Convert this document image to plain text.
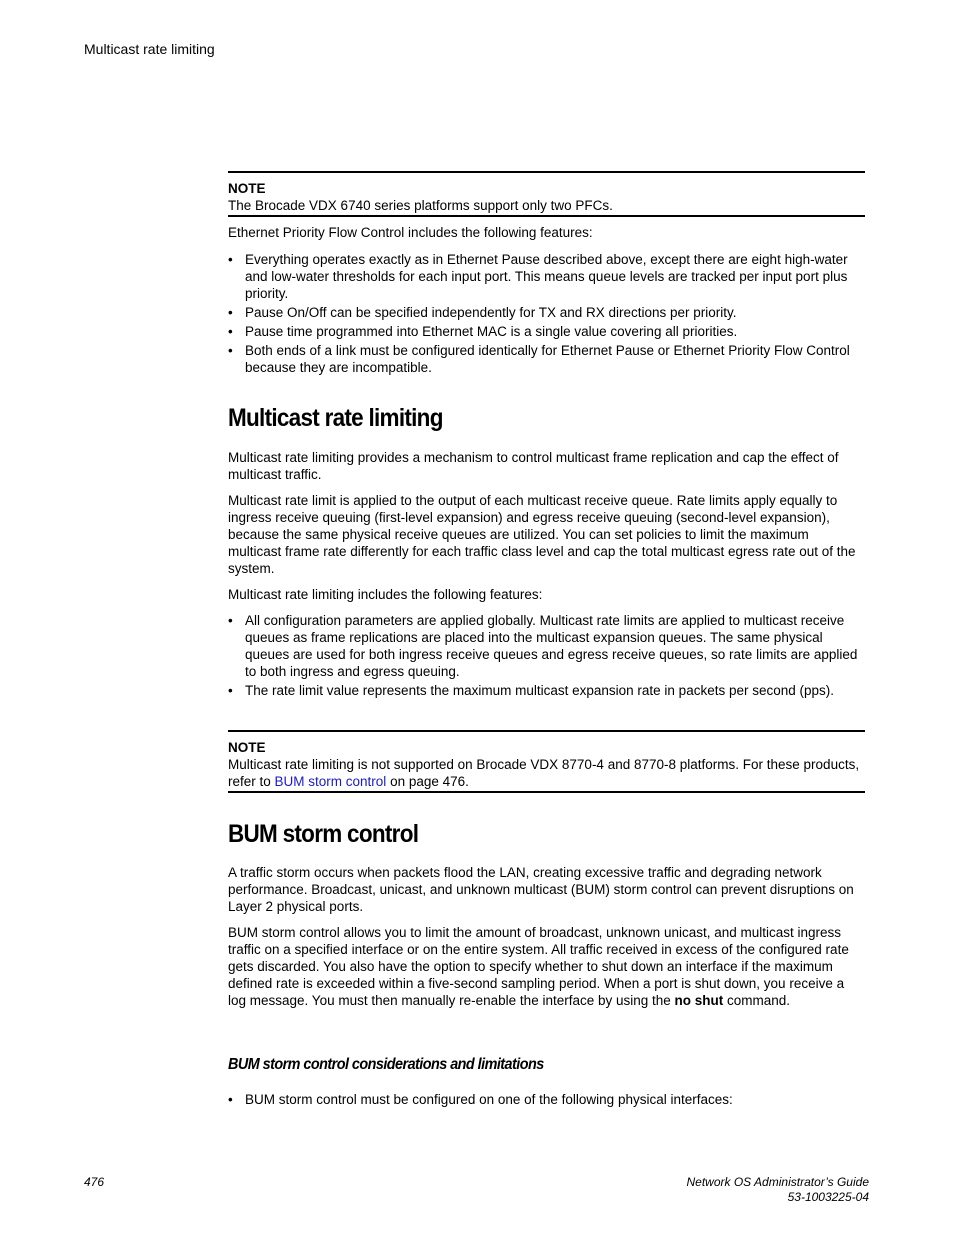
Multicast rate limiting
NOTE
The Brocade VDX 6740 series platforms support only two PFCs.

Ethernet Priority Flow Control includes the following features:

• Everything operates exactly as in Ethernet Pause described above, except there are eight high-water and low-water thresholds for each input port. This means queue levels are tracked per input port plus priority.
• Pause On/Off can be specified independently for TX and RX directions per priority.
• Pause time programmed into Ethernet MAC is a single value covering all priorities.
• Both ends of a link must be configured identically for Ethernet Pause or Ethernet Priority Flow Control because they are incompatible.
Multicast rate limiting

Multicast rate limiting provides a mechanism to control multicast frame replication and cap the effect of multicast traffic.

Multicast rate limit is applied to the output of each multicast receive queue. Rate limits apply equally to ingress receive queuing (first-level expansion) and egress receive queuing (second-level expansion), because the same physical receive queues are utilized. You can set policies to limit the maximum multicast frame rate differently for each traffic class level and cap the total multicast egress rate out of the system.

Multicast rate limiting includes the following features:

• All configuration parameters are applied globally. Multicast rate limits are applied to multicast receive queues as frame replications are placed into the multicast expansion queues. The same physical queues are used for both ingress receive queues and egress receive queues, so rate limits are applied to both ingress and egress queuing.
• The rate limit value represents the maximum multicast expansion rate in packets per second (pps).
NOTE
Multicast rate limiting is not supported on Brocade VDX 8770-4 and 8770-8 platforms. For these products, refer to BUM storm control on page 476.
BUM storm control

A traffic storm occurs when packets flood the LAN, creating excessive traffic and degrading network performance. Broadcast, unicast, and unknown multicast (BUM) storm control can prevent disruptions on Layer 2 physical ports.

BUM storm control allows you to limit the amount of broadcast, unknown unicast, and multicast ingress traffic on a specified interface or on the entire system. All traffic received in excess of the configured rate gets discarded. You also have the option to specify whether to shut down an interface if the maximum defined rate is exceeded within a five-second sampling period. When a port is shut down, you receive a log message. You must then manually re-enable the interface by using the no shut command.

BUM storm control considerations and limitations
• BUM storm control must be configured on one of the following physical interfaces:
476	Network OS Administrator’s Guide
53-1003225-04
